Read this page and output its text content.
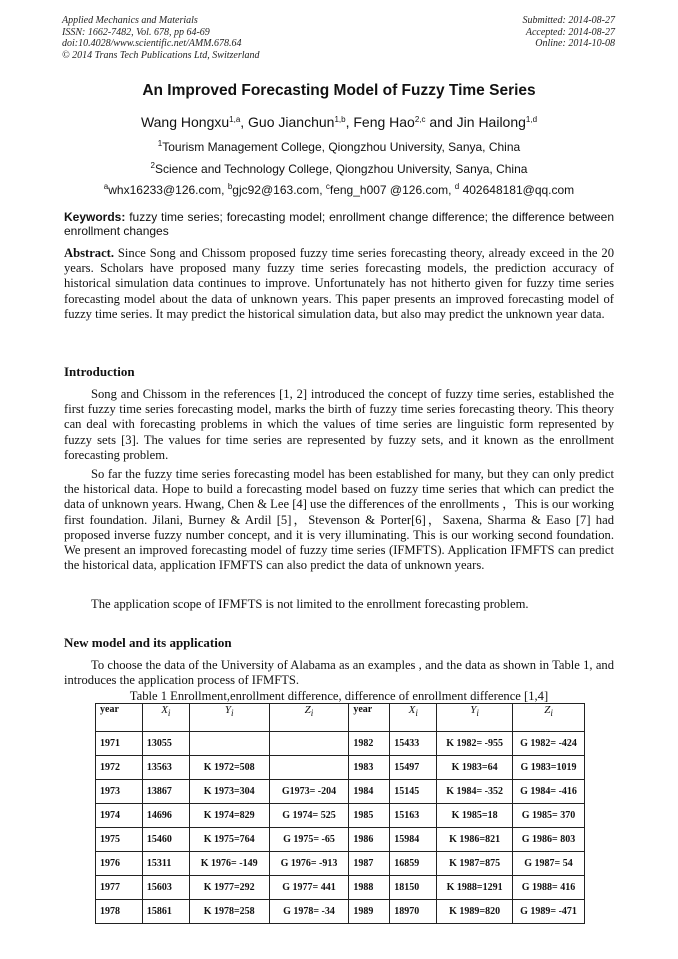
Applied Mechanics and Materials
ISSN: 1662-7482, Vol. 678, pp 64-69
doi:10.4028/www.scientific.net/AMM.678.64
© 2014 Trans Tech Publications Ltd, Switzerland
Submitted: 2014-08-27
Accepted: 2014-08-27
Online: 2014-10-08
An Improved Forecasting Model of Fuzzy Time Series
Wang Hongxu$^{1,a}$, Guo Jianchun$^{1,b}$, Feng Hao$^{2,c}$ and Jin Hailong$^{1,d}$
$^1$Tourism Management College, Qiongzhou University, Sanya, China
$^2$Science and Technology College, Qiongzhou University, Sanya, China
$^a$whx16233@126.com, $^b$gjc92@163.com, $^c$feng_h007 @126.com, $^d$ 402648181@qq.com
Keywords: fuzzy time series; forecasting model; enrollment change difference; the difference between enrollment changes

Abstract. Since Song and Chissom proposed fuzzy time series forecasting theory, already exceed in the 20 years. Scholars have proposed many fuzzy time series forecasting models, the prediction accuracy of historical simulation data continues to improve. Unfortunately has not hitherto given for fuzzy time series forecasting model about the data of unknown years. This paper presents an improved forecasting model of fuzzy time series. It may predict the historical simulation data, but also may predict the unknown year data.

Introduction

Song and Chissom in the references [1, 2] introduced the concept of fuzzy time series, established the first fuzzy time series forecasting model, marks the birth of fuzzy time series forecasting theory. This theory can deal with forecasting problems in which the values of time series are linguistic form represented by fuzzy sets [3]. The values for time series are represented by fuzzy sets, and it known as the enrollment forecasting problem.

So far the fuzzy time series forecasting model has been established for many, but they can only predict the historical data. Hope to build a forecasting model based on fuzzy time series that which can predict the data of unknown years. Hwang, Chen & Lee [4] use the differences of the enrollments ，This is our working first foundation. Jilani, Burney & Ardil [5]，Stevenson & Porter[6]，Saxena, Sharma & Easo [7] had proposed inverse fuzzy number concept, and it is very illuminating. This is our working second foundation. We present an improved forecasting model of fuzzy time series (IFMFTS). Application IFMFTS can predict the historical data, application IFMFTS can also predict the data of unknown years.

The application scope of IFMFTS is not limited to the enrollment forecasting problem.

New model and its application

To choose the data of the University of Alabama as an examples , and the data as shown in Table 1, and introduces the application process of IFMFTS.

Table 1 Enrollment,enrollment difference, difference of enrollment difference [1,4]
year	$X_i$	$Y_i$	$Z_i$	year	$X_i$	$Y_i$	$Z_i$
1971	13055			1982	15433	K 1982= -955	G 1982= -424
1972	13563	K 1972=508		1983	15497	K 1983=64	G 1983=1019
1973	13867	K 1973=304	G1973= -204	1984	15145	K 1984= -352	G 1984= -416
1974	14696	K 1974=829	G 1974= 525	1985	15163	K 1985=18	G 1985= 370
1975	15460	K 1975=764	G 1975= -65	1986	15984	K 1986=821	G 1986= 803
1976	15311	K 1976= -149	G 1976= -913	1987	16859	K 1987=875	G 1987= 54
1977	15603	K 1977=292	G 1977= 441	1988	18150	K 1988=1291	G 1988= 416
1978	15861	K 1978=258	G 1978= -34	1989	18970	K 1989=820	G 1989= -471
